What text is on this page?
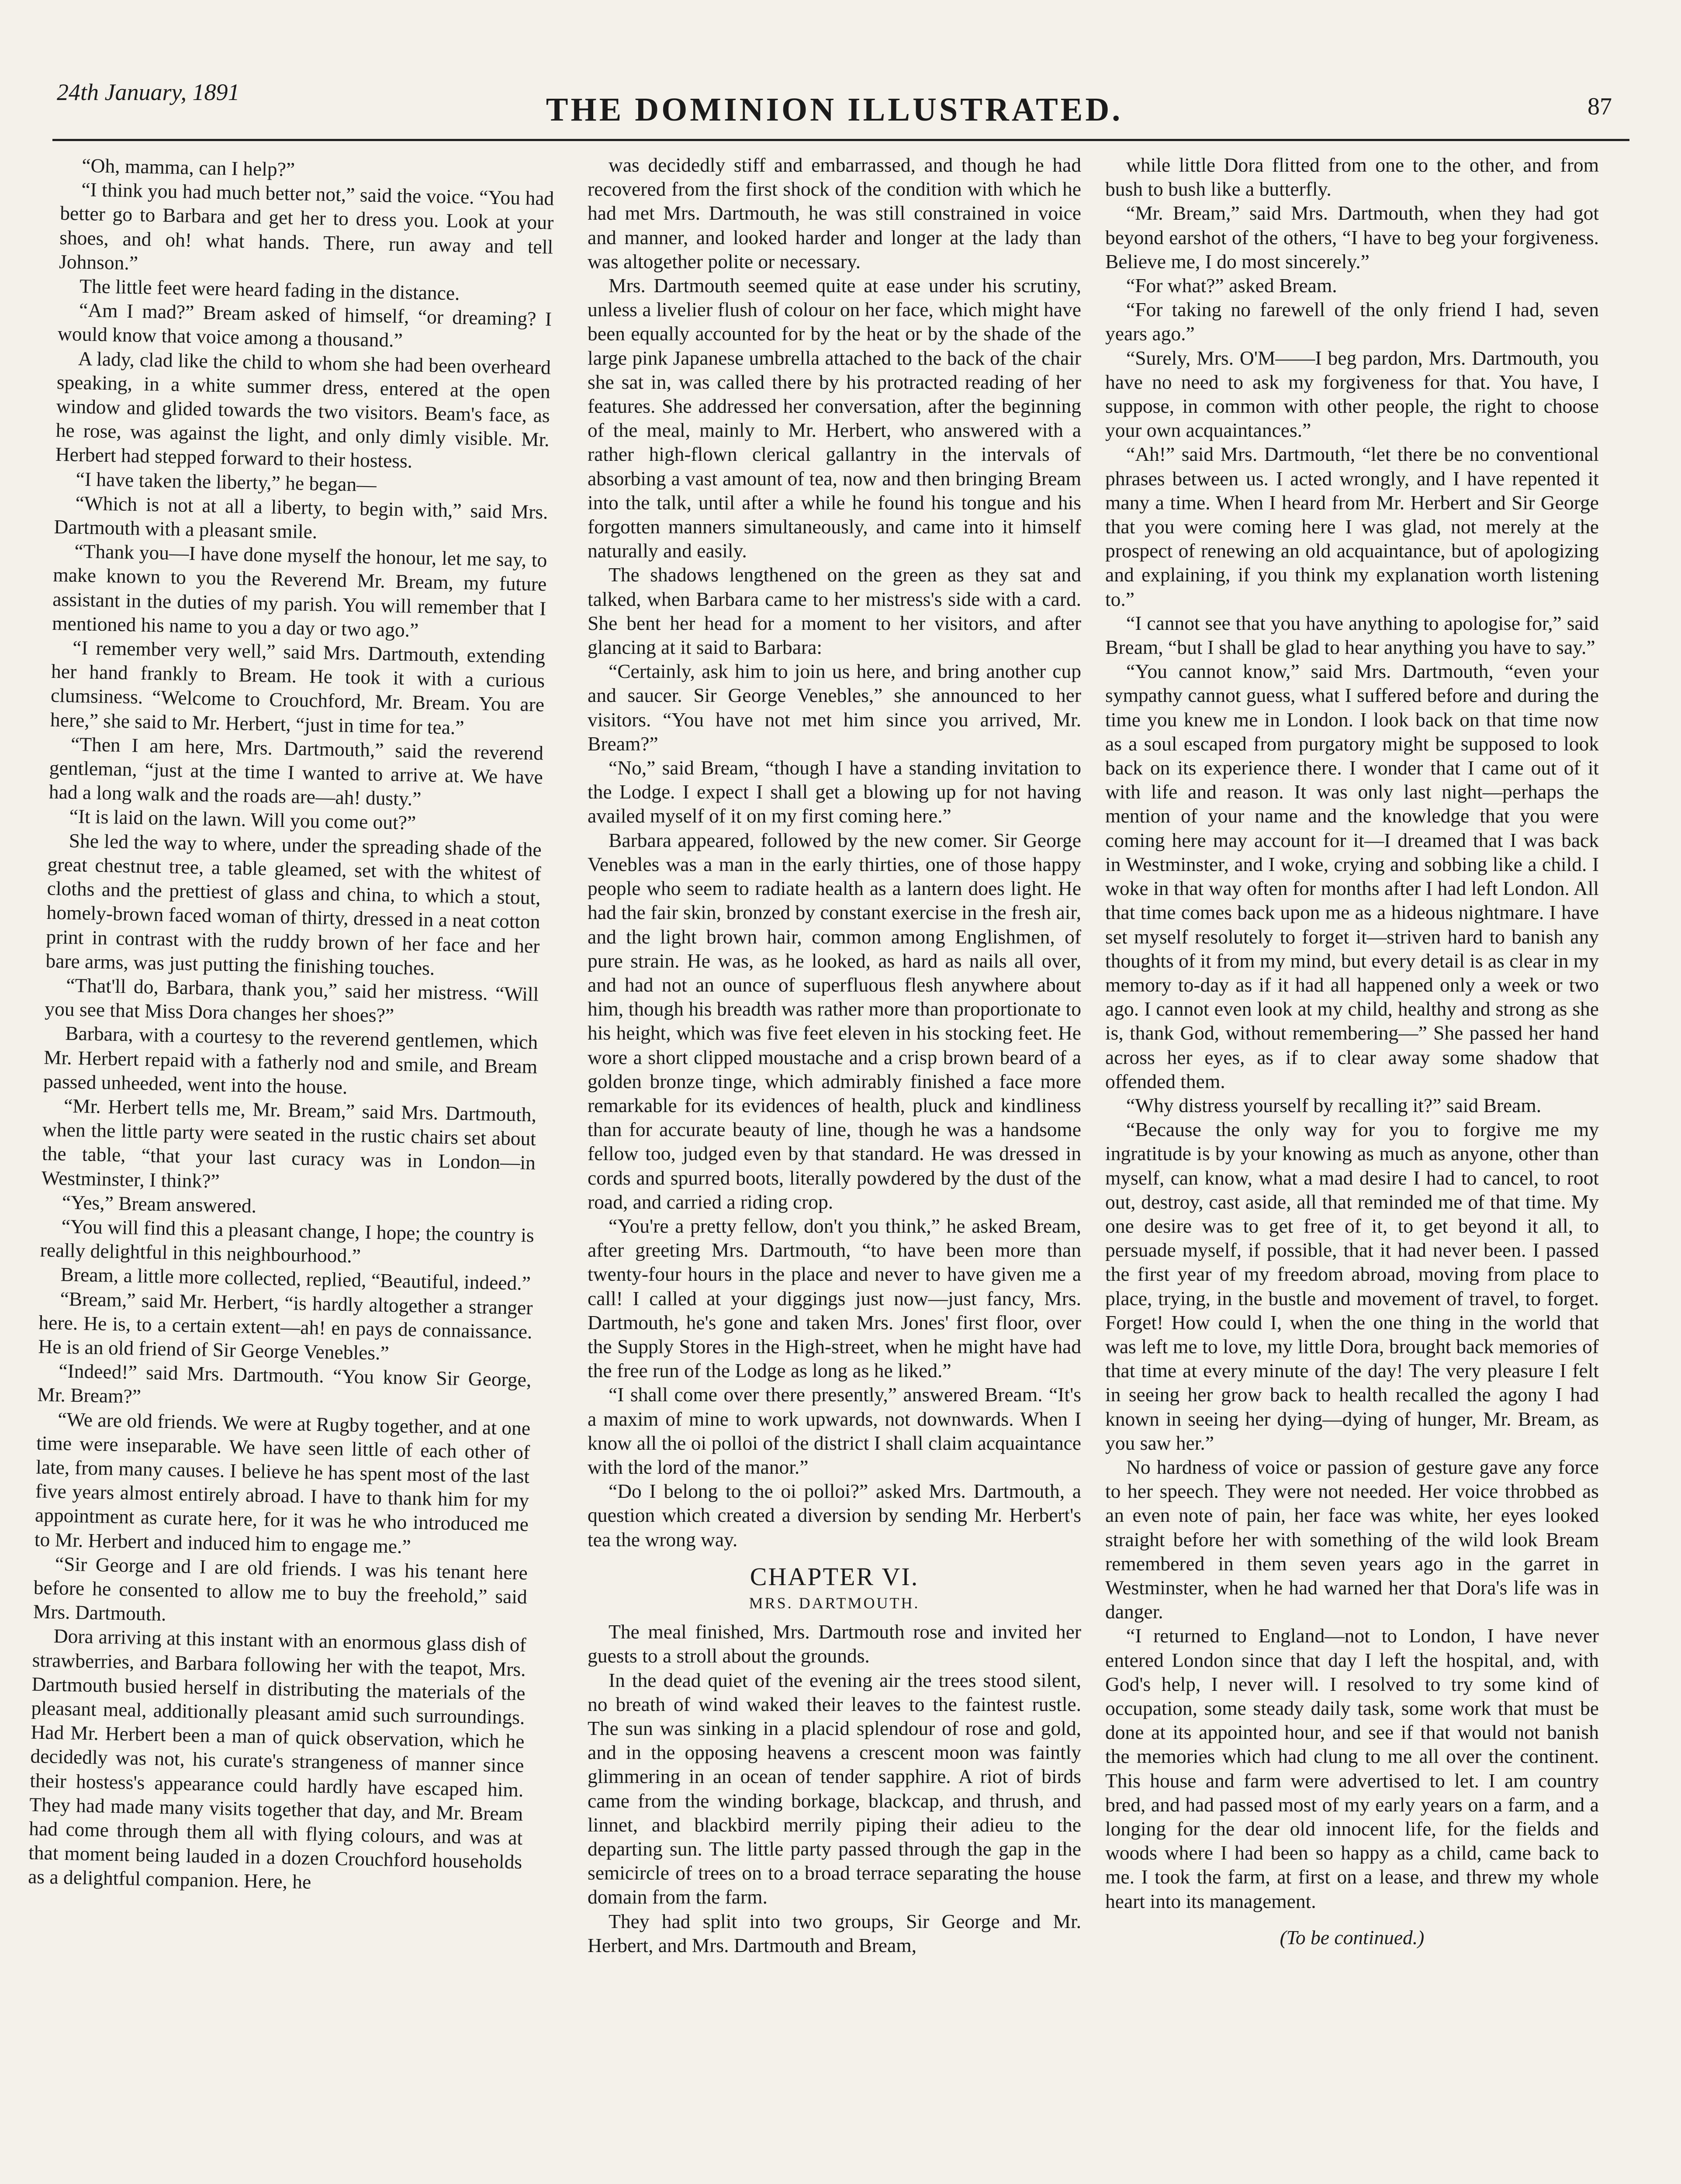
24th January, 1891	THE DOMINION ILLUSTRATED.	87

“Oh, mamma, can I help?”

“I think you had much better not,” said the voice. “You had better go to Barbara and get her to dress you. Look at your shoes, and oh! what hands. There, run away and tell Johnson.”

The little feet were heard fading in the distance.

“Am I mad?” Bream asked of himself, “or dreaming? I would know that voice among a thousand.”

A lady, clad like the child to whom she had been overheard speaking, in a white summer dress, entered at the open window and glided towards the two visitors. Beam's face, as he rose, was against the light, and only dimly visible. Mr. Herbert had stepped forward to their hostess.

“I have taken the liberty,” he began—

“Which is not at all a liberty, to begin with,” said Mrs. Dartmouth with a pleasant smile.

“Thank you—I have done myself the honour, let me say, to make known to you the Reverend Mr. Bream, my future assistant in the duties of my parish. You will remember that I mentioned his name to you a day or two ago.”

“I remember very well,” said Mrs. Dartmouth, extending her hand frankly to Bream. He took it with a curious clumsiness. “Welcome to Crouchford, Mr. Bream. You are here,” she said to Mr. Herbert, “just in time for tea.”

“Then I am here, Mrs. Dartmouth,” said the reverend gentleman, “just at the time I wanted to arrive at. We have had a long walk and the roads are—ah! dusty.”

“It is laid on the lawn. Will you come out?”

She led the way to where, under the spreading shade of the great chestnut tree, a table gleamed, set with the whitest of cloths and the prettiest of glass and china, to which a stout, homely-brown faced woman of thirty, dressed in a neat cotton print in contrast with the ruddy brown of her face and her bare arms, was just putting the finishing touches.

“That'll do, Barbara, thank you,” said her mistress. “Will you see that Miss Dora changes her shoes?”

Barbara, with a courtesy to the reverend gentlemen, which Mr. Herbert repaid with a fatherly nod and smile, and Bream passed unheeded, went into the house.

“Mr. Herbert tells me, Mr. Bream,” said Mrs. Dartmouth, when the little party were seated in the rustic chairs set about the table, “that your last curacy was in London—in Westminster, I think?”

“Yes,” Bream answered.

“You will find this a pleasant change, I hope; the country is really delightful in this neighbourhood.”

Bream, a little more collected, replied, “Beautiful, indeed.”

“Bream,” said Mr. Herbert, “is hardly altogether a stranger here. He is, to a certain extent—ah! en pays de connaissance. He is an old friend of Sir George Venebles.”

“Indeed!” said Mrs. Dartmouth. “You know Sir George, Mr. Bream?”

“We are old friends. We were at Rugby together, and at one time were inseparable. We have seen little of each other of late, from many causes. I believe he has spent most of the last five years almost entirely abroad. I have to thank him for my appointment as curate here, for it was he who introduced me to Mr. Herbert and induced him to engage me.”

“Sir George and I are old friends. I was his tenant here before he consented to allow me to buy the freehold,” said Mrs. Dartmouth.

Dora arriving at this instant with an enormous glass dish of strawberries, and Barbara following her with the teapot, Mrs. Dartmouth busied herself in distributing the materials of the pleasant meal, additionally pleasant amid such surroundings. Had Mr. Herbert been a man of quick observation, which he decidedly was not, his curate's strangeness of manner since their hostess's appearance could hardly have escaped him. They had made many visits together that day, and Mr. Bream had come through them all with flying colours, and was at that moment being lauded in a dozen Crouchford households as a delightful companion. Here, he

was decidedly stiff and embarrassed, and though he had recovered from the first shock of the condition with which he had met Mrs. Dartmouth, he was still constrained in voice and manner, and looked harder and longer at the lady than was altogether polite or necessary.

Mrs. Dartmouth seemed quite at ease under his scrutiny, unless a livelier flush of colour on her face, which might have been equally accounted for by the heat or by the shade of the large pink Japanese umbrella attached to the back of the chair she sat in, was called there by his protracted reading of her features. She addressed her conversation, after the beginning of the meal, mainly to Mr. Herbert, who answered with a rather high-flown clerical gallantry in the intervals of absorbing a vast amount of tea, now and then bringing Bream into the talk, until after a while he found his tongue and his forgotten manners simultaneously, and came into it himself naturally and easily.

The shadows lengthened on the green as they sat and talked, when Barbara came to her mistress's side with a card. She bent her head for a moment to her visitors, and after glancing at it said to Barbara:

“Certainly, ask him to join us here, and bring another cup and saucer. Sir George Venebles,” she announced to her visitors. “You have not met him since you arrived, Mr. Bream?”

“No,” said Bream, “though I have a standing invitation to the Lodge. I expect I shall get a blowing up for not having availed myself of it on my first coming here.”

Barbara appeared, followed by the new comer. Sir George Venebles was a man in the early thirties, one of those happy people who seem to radiate health as a lantern does light. He had the fair skin, bronzed by constant exercise in the fresh air, and the light brown hair, common among Englishmen, of pure strain. He was, as he looked, as hard as nails all over, and had not an ounce of superfluous flesh anywhere about him, though his breadth was rather more than proportionate to his height, which was five feet eleven in his stocking feet. He wore a short clipped moustache and a crisp brown beard of a golden bronze tinge, which admirably finished a face more remarkable for its evidences of health, pluck and kindliness than for accurate beauty of line, though he was a handsome fellow too, judged even by that standard. He was dressed in cords and spurred boots, literally powdered by the dust of the road, and carried a riding crop.

“You're a pretty fellow, don't you think,” he asked Bream, after greeting Mrs. Dartmouth, “to have been more than twenty-four hours in the place and never to have given me a call! I called at your diggings just now—just fancy, Mrs. Dartmouth, he's gone and taken Mrs. Jones' first floor, over the Supply Stores in the High-street, when he might have had the free run of the Lodge as long as he liked.”

“I shall come over there presently,” answered Bream. “It's a maxim of mine to work upwards, not downwards. When I know all the oi polloi of the district I shall claim acquaintance with the lord of the manor.”

“Do I belong to the oi polloi?” asked Mrs. Dartmouth, a question which created a diversion by sending Mr. Herbert's tea the wrong way.

CHAPTER VI.
MRS. DARTMOUTH.

The meal finished, Mrs. Dartmouth rose and invited her guests to a stroll about the grounds.

In the dead quiet of the evening air the trees stood silent, no breath of wind waked their leaves to the faintest rustle. The sun was sinking in a placid splendour of rose and gold, and in the opposing heavens a crescent moon was faintly glimmering in an ocean of tender sapphire. A riot of birds came from the winding borkage, blackcap, and thrush, and linnet, and blackbird merrily piping their adieu to the departing sun. The little party passed through the gap in the semicircle of trees on to a broad terrace separating the house domain from the farm.

They had split into two groups, Sir George and Mr. Herbert, and Mrs. Dartmouth and Bream,

while little Dora flitted from one to the other, and from bush to bush like a butterfly.

“Mr. Bream,” said Mrs. Dartmouth, when they had got beyond earshot of the others, “I have to beg your forgiveness. Believe me, I do most sincerely.”

“For what?” asked Bream.

“For taking no farewell of the only friend I had, seven years ago.”

“Surely, Mrs. O'M——I beg pardon, Mrs. Dartmouth, you have no need to ask my forgiveness for that. You have, I suppose, in common with other people, the right to choose your own acquaintances.”

“Ah!” said Mrs. Dartmouth, “let there be no conventional phrases between us. I acted wrongly, and I have repented it many a time. When I heard from Mr. Herbert and Sir George that you were coming here I was glad, not merely at the prospect of renewing an old acquaintance, but of apologizing and explaining, if you think my explanation worth listening to.”

“I cannot see that you have anything to apologise for,” said Bream, “but I shall be glad to hear anything you have to say.”

“You cannot know,” said Mrs. Dartmouth, “even your sympathy cannot guess, what I suffered before and during the time you knew me in London. I look back on that time now as a soul escaped from purgatory might be supposed to look back on its experience there. I wonder that I came out of it with life and reason. It was only last night—perhaps the mention of your name and the knowledge that you were coming here may account for it—I dreamed that I was back in Westminster, and I woke, crying and sobbing like a child. I woke in that way often for months after I had left London. All that time comes back upon me as a hideous nightmare. I have set myself resolutely to forget it—striven hard to banish any thoughts of it from my mind, but every detail is as clear in my memory to-day as if it had all happened only a week or two ago. I cannot even look at my child, healthy and strong as she is, thank God, without remembering—” She passed her hand across her eyes, as if to clear away some shadow that offended them.

“Why distress yourself by recalling it?” said Bream.

“Because the only way for you to forgive me my ingratitude is by your knowing as much as anyone, other than myself, can know, what a mad desire I had to cancel, to root out, destroy, cast aside, all that reminded me of that time. My one desire was to get free of it, to get beyond it all, to persuade myself, if possible, that it had never been. I passed the first year of my freedom abroad, moving from place to place, trying, in the bustle and movement of travel, to forget. Forget! How could I, when the one thing in the world that was left me to love, my little Dora, brought back memories of that time at every minute of the day! The very pleasure I felt in seeing her grow back to health recalled the agony I had known in seeing her dying—dying of hunger, Mr. Bream, as you saw her.”

No hardness of voice or passion of gesture gave any force to her speech. They were not needed. Her voice throbbed as an even note of pain, her face was white, her eyes looked straight before her with something of the wild look Bream remembered in them seven years ago in the garret in Westminster, when he had warned her that Dora's life was in danger.

“I returned to England—not to London, I have never entered London since that day I left the hospital, and, with God's help, I never will. I resolved to try some kind of occupation, some steady daily task, some work that must be done at its appointed hour, and see if that would not banish the memories which had clung to me all over the continent. This house and farm were advertised to let. I am country bred, and had passed most of my early years on a farm, and a longing for the dear old innocent life, for the fields and woods where I had been so happy as a child, came back to me. I took the farm, at first on a lease, and threw my whole heart into its management.

(To be continued.)
